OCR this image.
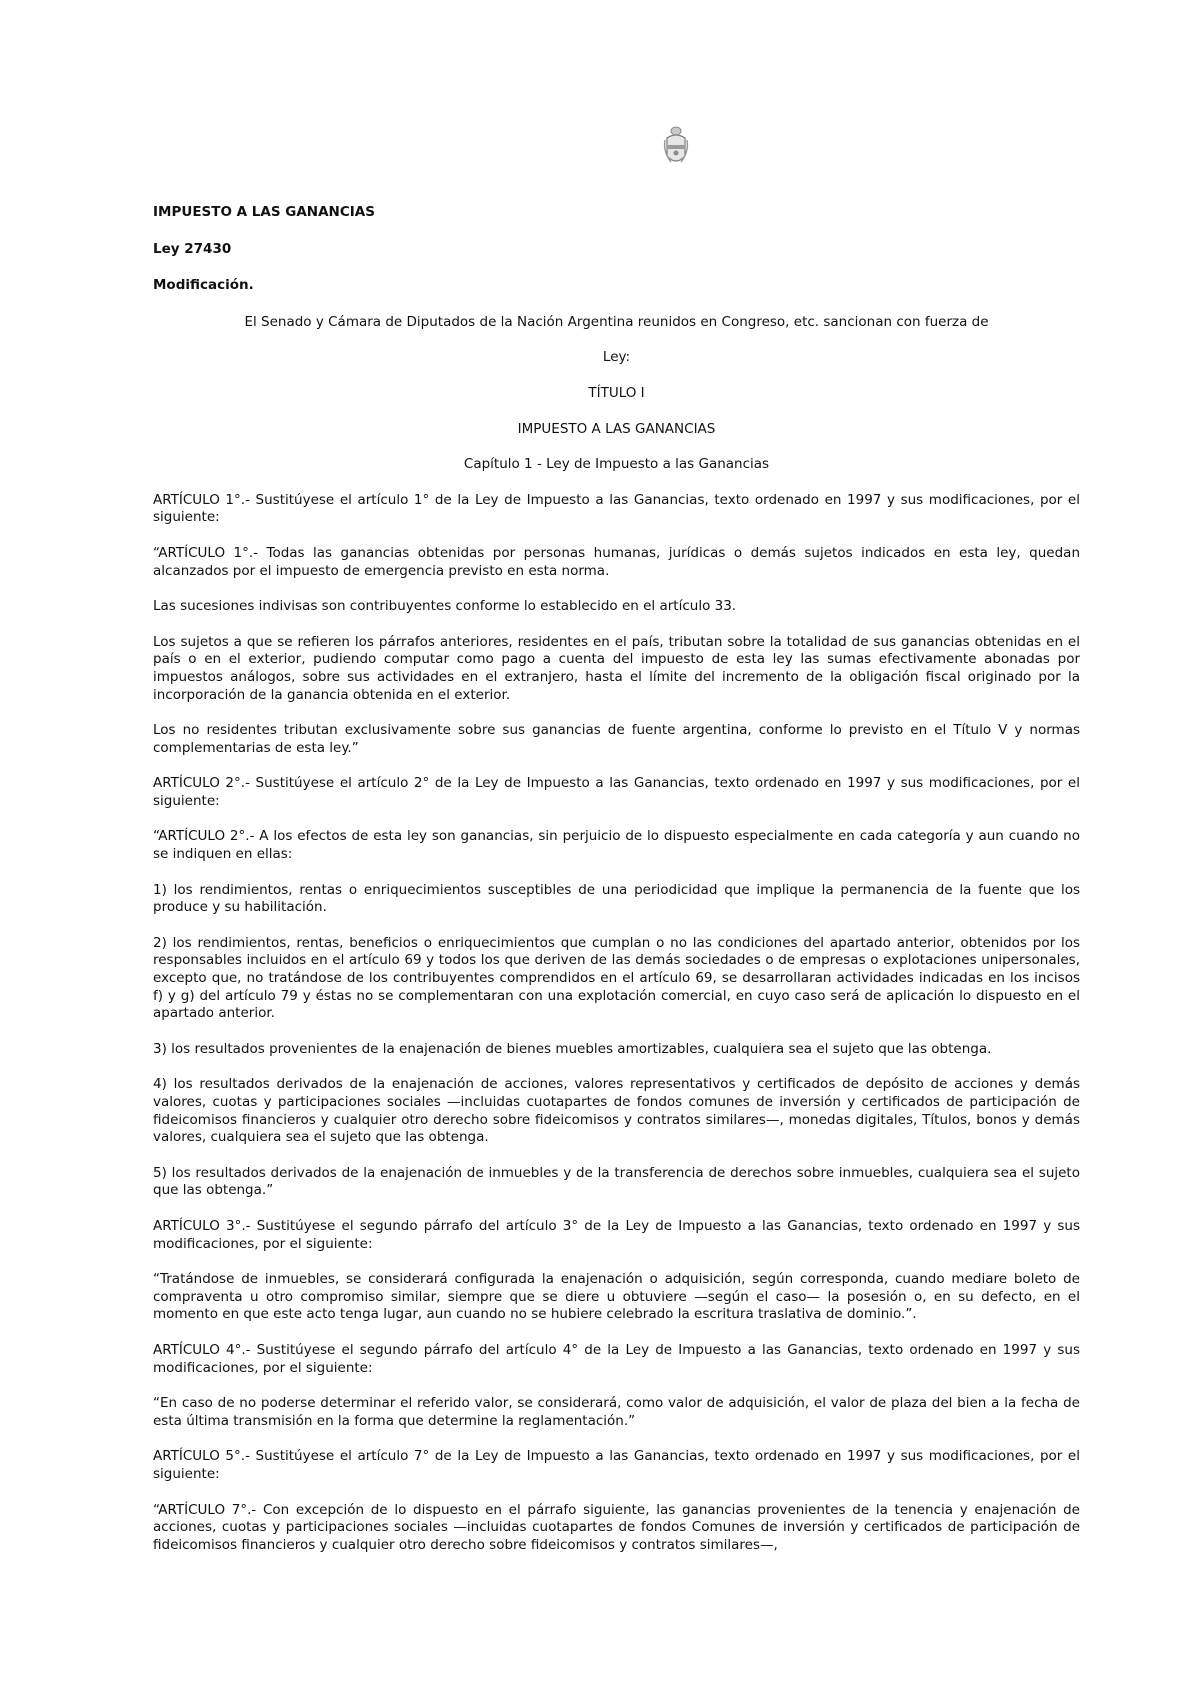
IMPUESTO A LAS GANANCIAS
Ley 27430
Modificación.
El Senado y Cámara de Diputados de la Nación Argentina reunidos en Congreso, etc. sancionan con fuerza de
Ley:
TÍTULO I
IMPUESTO A LAS GANANCIAS
Capítulo 1 - Ley de Impuesto a las Ganancias
ARTÍCULO 1°.- Sustitúyese el artículo 1° de la Ley de Impuesto a las Ganancias, texto ordenado en 1997 y sus modificaciones, por el siguiente:
“ARTÍCULO 1°.- Todas las ganancias obtenidas por personas humanas, jurídicas o demás sujetos indicados en esta ley, quedan alcanzados por el impuesto de emergencia previsto en esta norma.
Las sucesiones indivisas son contribuyentes conforme lo establecido en el artículo 33.
Los sujetos a que se refieren los párrafos anteriores, residentes en el país, tributan sobre la totalidad de sus ganancias obtenidas en el país o en el exterior, pudiendo computar como pago a cuenta del impuesto de esta ley las sumas efectivamente abonadas por impuestos análogos, sobre sus actividades en el extranjero, hasta el límite del incremento de la obligación fiscal originado por la incorporación de la ganancia obtenida en el exterior.
Los no residentes tributan exclusivamente sobre sus ganancias de fuente argentina, conforme lo previsto en el Título V y normas complementarias de esta ley.”
ARTÍCULO 2°.- Sustitúyese el artículo 2° de la Ley de Impuesto a las Ganancias, texto ordenado en 1997 y sus modificaciones, por el siguiente:
“ARTÍCULO 2°.- A los efectos de esta ley son ganancias, sin perjuicio de lo dispuesto especialmente en cada categoría y aun cuando no se indiquen en ellas:
1) los rendimientos, rentas o enriquecimientos susceptibles de una periodicidad que implique la permanencia de la fuente que los produce y su habilitación.
2) los rendimientos, rentas, beneficios o enriquecimientos que cumplan o no las condiciones del apartado anterior, obtenidos por los responsables incluidos en el artículo 69 y todos los que deriven de las demás sociedades o de empresas o explotaciones unipersonales, excepto que, no tratándose de los contribuyentes comprendidos en el artículo 69, se desarrollaran actividades indicadas en los incisos f) y g) del artículo 79 y éstas no se complementaran con una explotación comercial, en cuyo caso será de aplicación lo dispuesto en el apartado anterior.
3) los resultados provenientes de la enajenación de bienes muebles amortizables, cualquiera sea el sujeto que las obtenga.
4) los resultados derivados de la enajenación de acciones, valores representativos y certificados de depósito de acciones y demás valores, cuotas y participaciones sociales —incluidas cuotapartes de fondos comunes de inversión y certificados de participación de fideicomisos financieros y cualquier otro derecho sobre fideicomisos y contratos similares—, monedas digitales, Títulos, bonos y demás valores, cualquiera sea el sujeto que las obtenga.
5) los resultados derivados de la enajenación de inmuebles y de la transferencia de derechos sobre inmuebles, cualquiera sea el sujeto que las obtenga.”
ARTÍCULO 3°.- Sustitúyese el segundo párrafo del artículo 3° de la Ley de Impuesto a las Ganancias, texto ordenado en 1997 y sus modificaciones, por el siguiente:
“Tratándose de inmuebles, se considerará configurada la enajenación o adquisición, según corresponda, cuando mediare boleto de compraventa u otro compromiso similar, siempre que se diere u obtuviere —según el caso— la posesión o, en su defecto, en el momento en que este acto tenga lugar, aun cuando no se hubiere celebrado la escritura traslativa de dominio.”.
ARTÍCULO 4°.- Sustitúyese el segundo párrafo del artículo 4° de la Ley de Impuesto a las Ganancias, texto ordenado en 1997 y sus modificaciones, por el siguiente:
“En caso de no poderse determinar el referido valor, se considerará, como valor de adquisición, el valor de plaza del bien a la fecha de esta última transmisión en la forma que determine la reglamentación.”
ARTÍCULO 5°.- Sustitúyese el artículo 7° de la Ley de Impuesto a las Ganancias, texto ordenado en 1997 y sus modificaciones, por el siguiente:
“ARTÍCULO 7°.- Con excepción de lo dispuesto en el párrafo siguiente, las ganancias provenientes de la tenencia y enajenación de acciones, cuotas y participaciones sociales —incluidas cuotapartes de fondos Comunes de inversión y certificados de participación de fideicomisos financieros y cualquier otro derecho sobre fideicomisos y contratos similares—,
